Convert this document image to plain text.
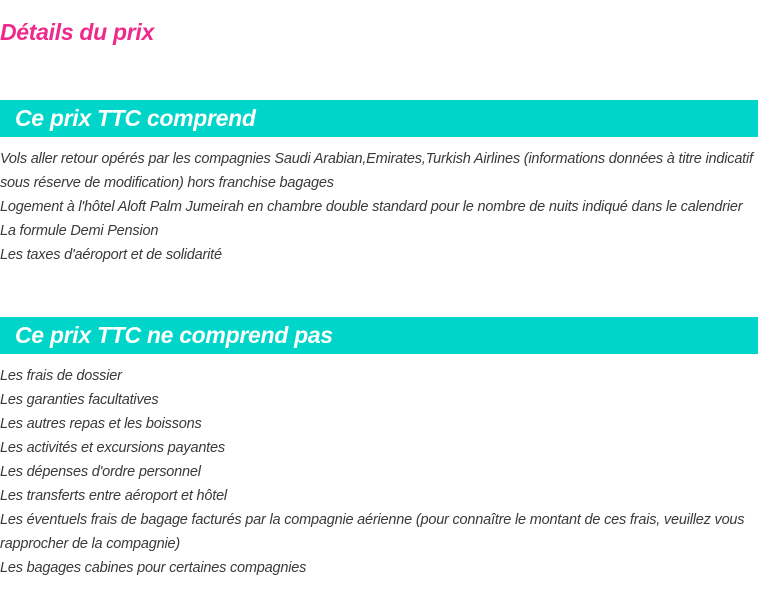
Détails du prix
Ce prix TTC comprend
Vols aller retour opérés par les compagnies Saudi Arabian,Emirates,Turkish Airlines (informations données à titre indicatif sous réserve de modification) hors franchise bagages
Logement à l'hôtel Aloft Palm Jumeirah en chambre double standard pour le nombre de nuits indiqué dans le calendrier
La formule Demi Pension
Les taxes d'aéroport et de solidarité
Ce prix TTC ne comprend pas
Les frais de dossier
Les garanties facultatives
Les autres repas et les boissons
Les activités et excursions payantes
Les dépenses d'ordre personnel
Les transferts entre aéroport et hôtel
Les éventuels frais de bagage facturés par la compagnie aérienne (pour connaître le montant de ces frais, veuillez vous rapprocher de la compagnie)
Les bagages cabines pour certaines compagnies
